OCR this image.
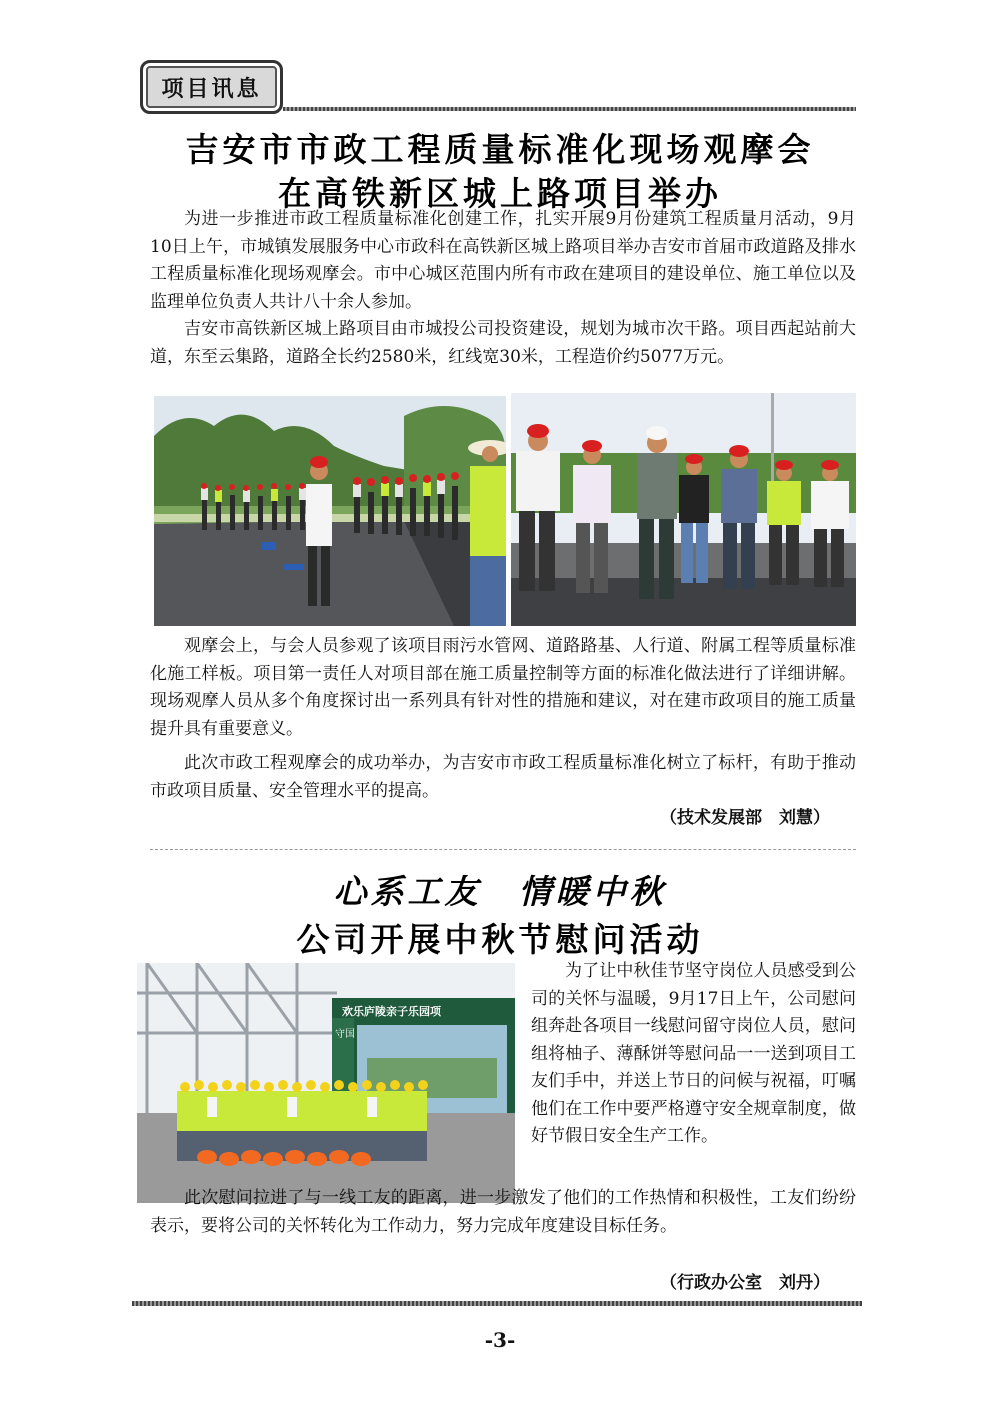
项目讯息
吉安市市政工程质量标准化现场观摩会
在高铁新区城上路项目举办

为进一步推进市政工程质量标准化创建工作，扎实开展9月份建筑工程质量月活动，9月10日上午，市城镇发展服务中心市政科在高铁新区城上路项目举办吉安市首届市政道路及排水工程质量标准化现场观摩会。市中心城区范围内所有市政在建项目的建设单位、施工单位以及监理单位负责人共计八十余人参加。

吉安市高铁新区城上路项目由市城投公司投资建设，规划为城市次干路。项目西起站前大道，东至云集路，道路全长约2580米，红线宽30米，工程造价约5077万元。

观摩会上，与会人员参观了该项目雨污水管网、道路路基、人行道、附属工程等质量标准化施工样板。项目第一责任人对项目部在施工质量控制等方面的标准化做法进行了详细讲解。现场观摩人员从多个角度探讨出一系列具有针对性的措施和建议，对在建市政项目的施工质量提升具有重要意义。

此次市政工程观摩会的成功举办，为吉安市市政工程质量标准化树立了标杆，有助于推动市政项目质量、安全管理水平的提高。

（技术发展部　刘慧）

心系工友　情暖中秋
公司开展中秋节慰问活动
欢乐庐陵亲子乐园项
守国

为了让中秋佳节坚守岗位人员感受到公司的关怀与温暖，9月17日上午，公司慰问组奔赴各项目一线慰问留守岗位人员，慰问组将柚子、薄酥饼等慰问品一一送到项目工友们手中，并送上节日的问候与祝福，叮嘱他们在工作中要严格遵守安全规章制度，做好节假日安全生产工作。

此次慰问拉进了与一线工友的距离，进一步激发了他们的工作热情和积极性，工友们纷纷表示，要将公司的关怀转化为工作动力，努力完成年度建设目标任务。

（行政办公室　刘丹）

-3-
